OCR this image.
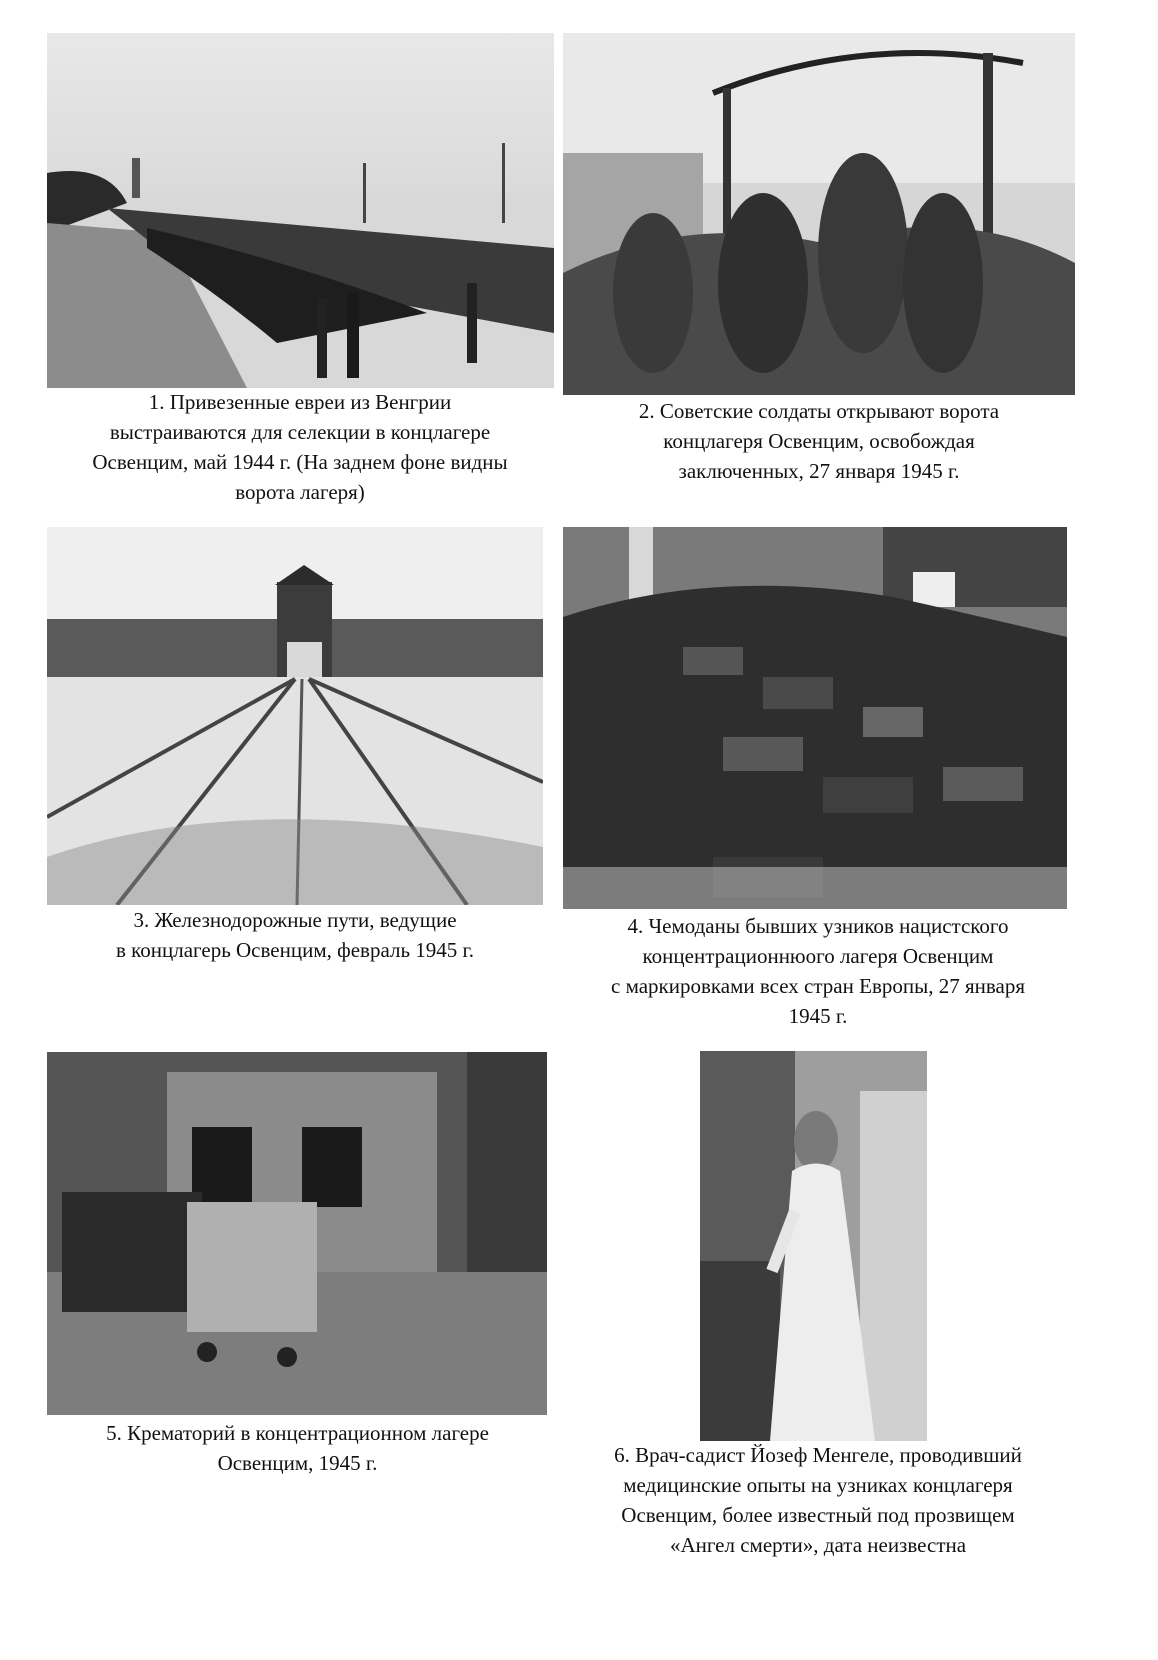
1. Привезенные евреи из Венгрии
выстраиваются для селекции в концлагере
Освенцим, май 1944 г. (На заднем фоне видны
ворота лагеря)
2. Советские солдаты открывают ворота
концлагеря Освенцим, освобождая
заключенных, 27 января 1945 г.
3. Железнодорожные пути, ведущие
в концлагерь Освенцим, февраль 1945 г.
4. Чемоданы бывших узников нацистского
концентрационнюого лагеря Освенцим
с маркировками всех стран Европы, 27 января
1945 г.
5. Крематорий в концентрационном лагере
Освенцим, 1945 г.	6. Врач-садист Йозеф Менгеле, проводивший
медицинские опыты на узниках концлагеря
Освенцим, более известный под прозвищем
«Ангел смерти», дата неизвестна
